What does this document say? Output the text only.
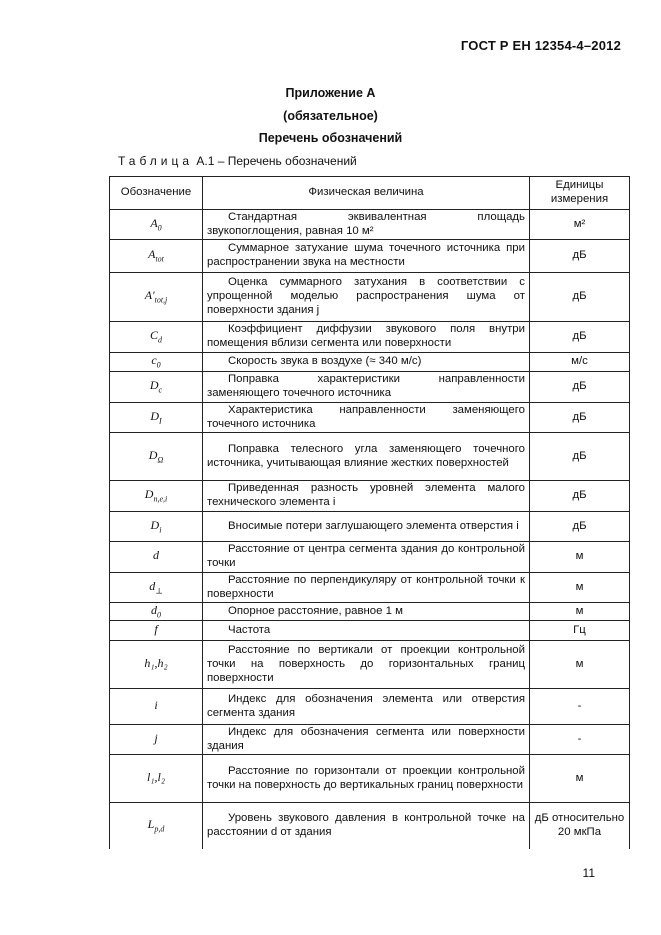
ГОСТ Р ЕН 12354-4–2012
Приложение А
(обязательное)
Перечень обозначений
Таблица А.1 – Перечень обозначений
Обозначение	Физическая величина	Единицы измерения
$A_0$	Стандартная эквивалентная площадь звукопоглощения, равная 10 м²	м²
$A_{tot}$	Суммарное затухание шума точечного источника при распространении звука на местности	дБ
$A'_{tot,j}$	Оценка суммарного затухания в соответствии с упрощенной моделью распространения шума от поверхности здания j	дБ
$C_d$	Коэффициент диффузии звукового поля внутри помещения вблизи сегмента или поверхности	дБ
$c_0$	Скорость звука в воздухе (≈ 340 м/с)	м/с
$D_c$	Поправка характеристики направленности заменяющего точечного источника	дБ
$D_I$	Характеристика направленности заменяющего точечного источника	дБ
$D_\Omega$	Поправка телесного угла заменяющего точечного источника, учитывающая влияние жестких поверхностей	дБ
$D_{n,e,i}$	Приведенная разность уровней элемента малого технического элемента i	дБ
$D_i$	Вносимые потери заглушающего элемента отверстия i	дБ
d	Расстояние от центра сегмента здания до контрольной точки	м
$d_\perp$	Расстояние по перпендикуляру от контрольной точки к поверхности	м
$d_0$	Опорное расстояние, равное 1 м	м
f	Частота	Гц
h₁,h₂	Расстояние по вертикали от проекции контрольной точки на поверхность до горизонтальных границ поверхности	м
i	Индекс для обозначения элемента или отверстия сегмента здания	-
j	Индекс для обозначения сегмента или поверхности здания	-
l₁,l₂	Расстояние по горизонтали от проекции контрольной точки на поверхность до вертикальных границ поверхности	м
$L_{p,d}$	Уровень звукового давления в контрольной точке на расстоянии d от здания	дБ относительно 20 мкПа
11
